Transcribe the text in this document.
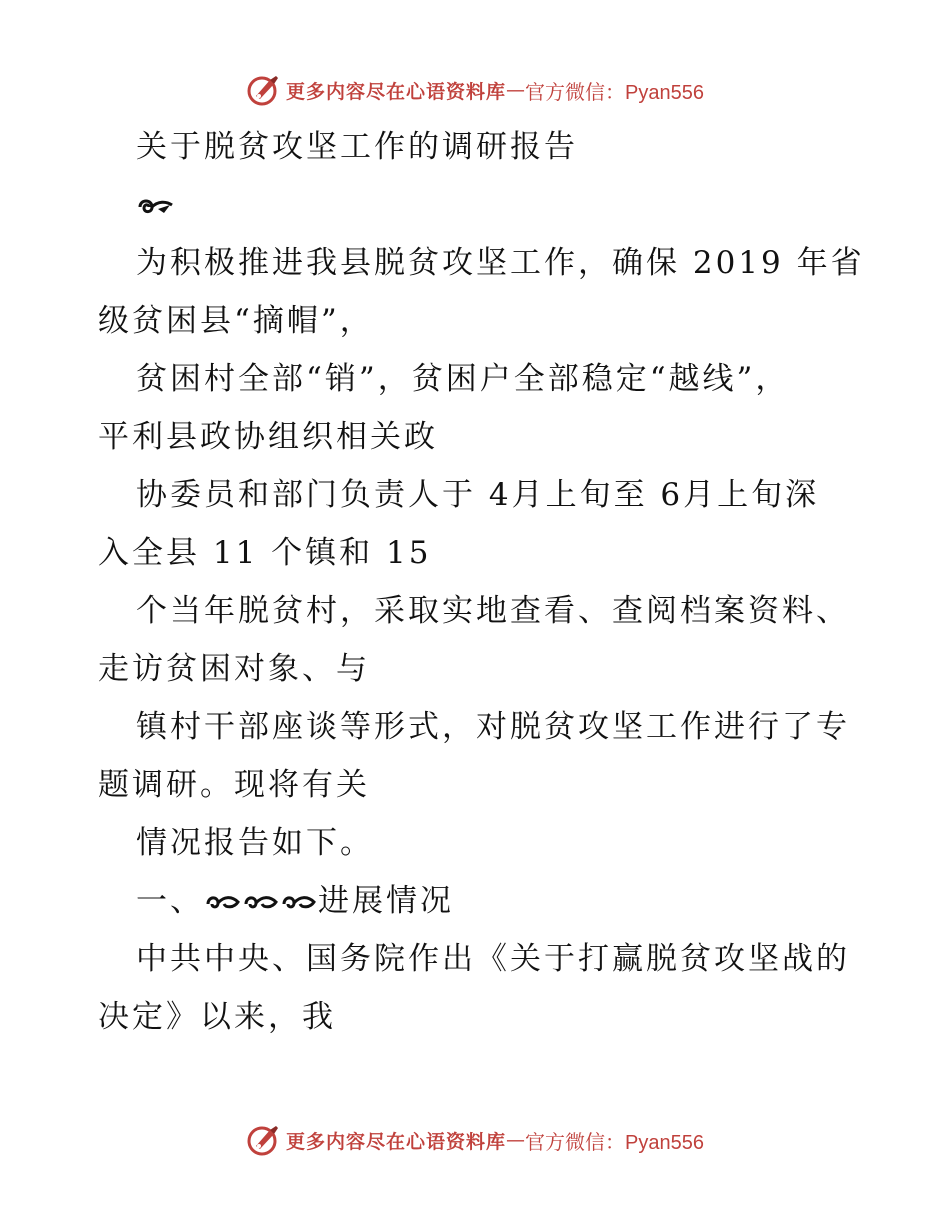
更多内容尽在心语资料库 — 官方微信：Pyan556
关于脱贫攻坚工作的调研报告
为积极推进我县脱贫攻坚工作，确保 2019 年省
级贫困县“摘帽”，
贫困村全部“销”，贫困户全部稳定“越线”，
平利县政协组织相关政
协委员和部门负责人于 4月上旬至 6月上旬深
入全县 11 个镇和 15
个当年脱贫村，采取实地查看、查阅档案资料、
走访贫困对象、与
镇村干部座谈等形式，对脱贫攻坚工作进行了专
题调研。现将有关
情况报告如下。
一、	进展情况
中共中央、国务院作出《关于打赢脱贫攻坚战的
决定》以来，我
更多内容尽在心语资料库 — 官方微信：Pyan556
